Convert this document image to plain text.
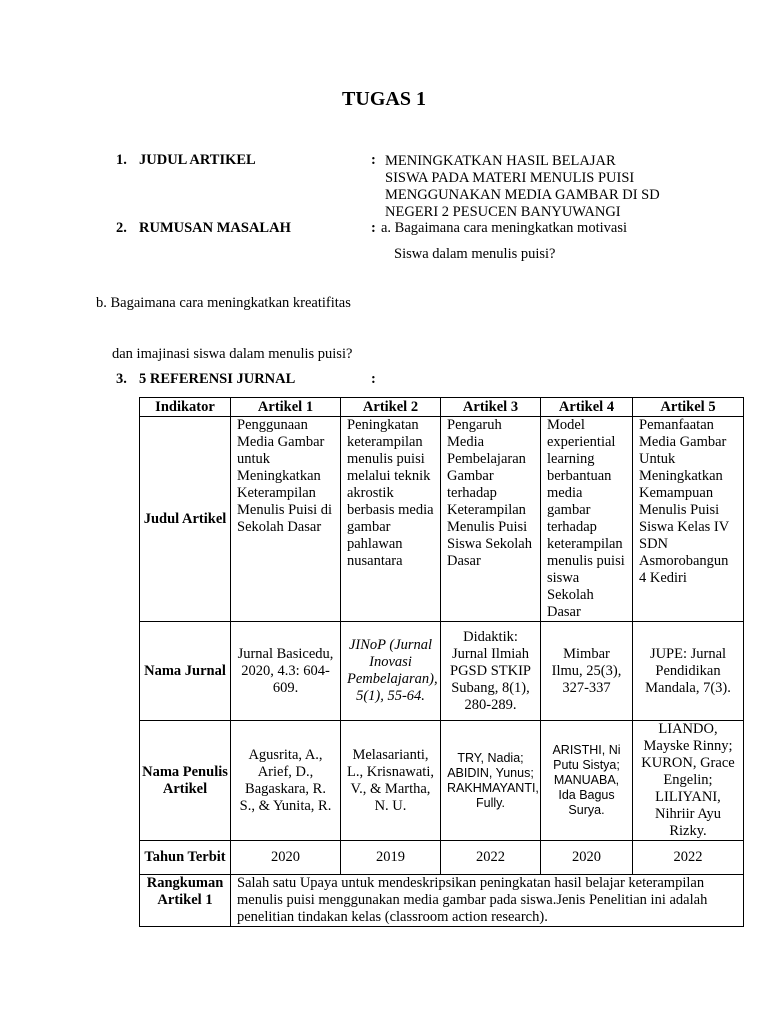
TUGAS 1
1. JUDUL ARTIKEL	: MENINGKATKAN HASIL BELAJAR
SISWA PADA MATERI MENULIS PUISI
MENGGUNAKAN MEDIA GAMBAR DI SD
NEGERI 2 PESUCEN BANYUWANGI
2. RUMUSAN MASALAH	: a. Bagaimana cara meningkatkan motivasi
Siswa dalam menulis puisi?
b. Bagaimana cara meningkatkan kreatifitas
dan imajinasi siswa dalam menulis puisi?
3. 5 REFERENSI JURNAL	:
Indikator	Artikel 1	Artikel 2	Artikel 3	Artikel 4	Artikel 5
Judul Artikel	Penggunaan Media Gambar untuk Meningkatkan Keterampilan Menulis Puisi di Sekolah Dasar	Peningkatan keterampilan menulis puisi melalui teknik akrostik berbasis media gambar pahlawan nusantara	Pengaruh Media Pembelajaran Gambar terhadap Keterampilan Menulis Puisi Siswa Sekolah Dasar	Model experiential learning berbantuan media gambar terhadap keterampilan menulis puisi siswa Sekolah Dasar	Pemanfaatan Media Gambar Untuk Meningkatkan Kemampuan Menulis Puisi Siswa Kelas IV SDN Asmorobangun 4 Kediri
Nama Jurnal	Jurnal Basicedu, 2020, 4.3: 604-609.	JINoP (Jurnal Inovasi Pembelajaran), 5(1), 55-64.	Didaktik: Jurnal Ilmiah PGSD STKIP Subang, 8(1), 280-289.	Mimbar Ilmu, 25(3), 327-337	JUPE: Jurnal Pendidikan Mandala, 7(3).
Nama Penulis Artikel	Agusrita, A., Arief, D., Bagaskara, R. S., & Yunita, R.	Melasarianti, L., Krisnawati, V., & Martha, N. U.	TRY, Nadia; ABIDIN, Yunus; RAKHMAYANTI, Fully.	ARISTHI, Ni Putu Sistya; MANUABA, Ida Bagus Surya.	LIANDO, Mayske Rinny; KURON, Grace Engelin; LILIYANI, Nihriir Ayu Rizky.
Tahun Terbit	2020	2019	2022	2020	2022
Rangkuman Artikel 1	Salah satu Upaya untuk mendeskripsikan peningkatan hasil belajar keterampilan menulis puisi menggunakan media gambar pada siswa.Jenis Penelitian ini adalah penelitian tindakan kelas (classroom action research).				
